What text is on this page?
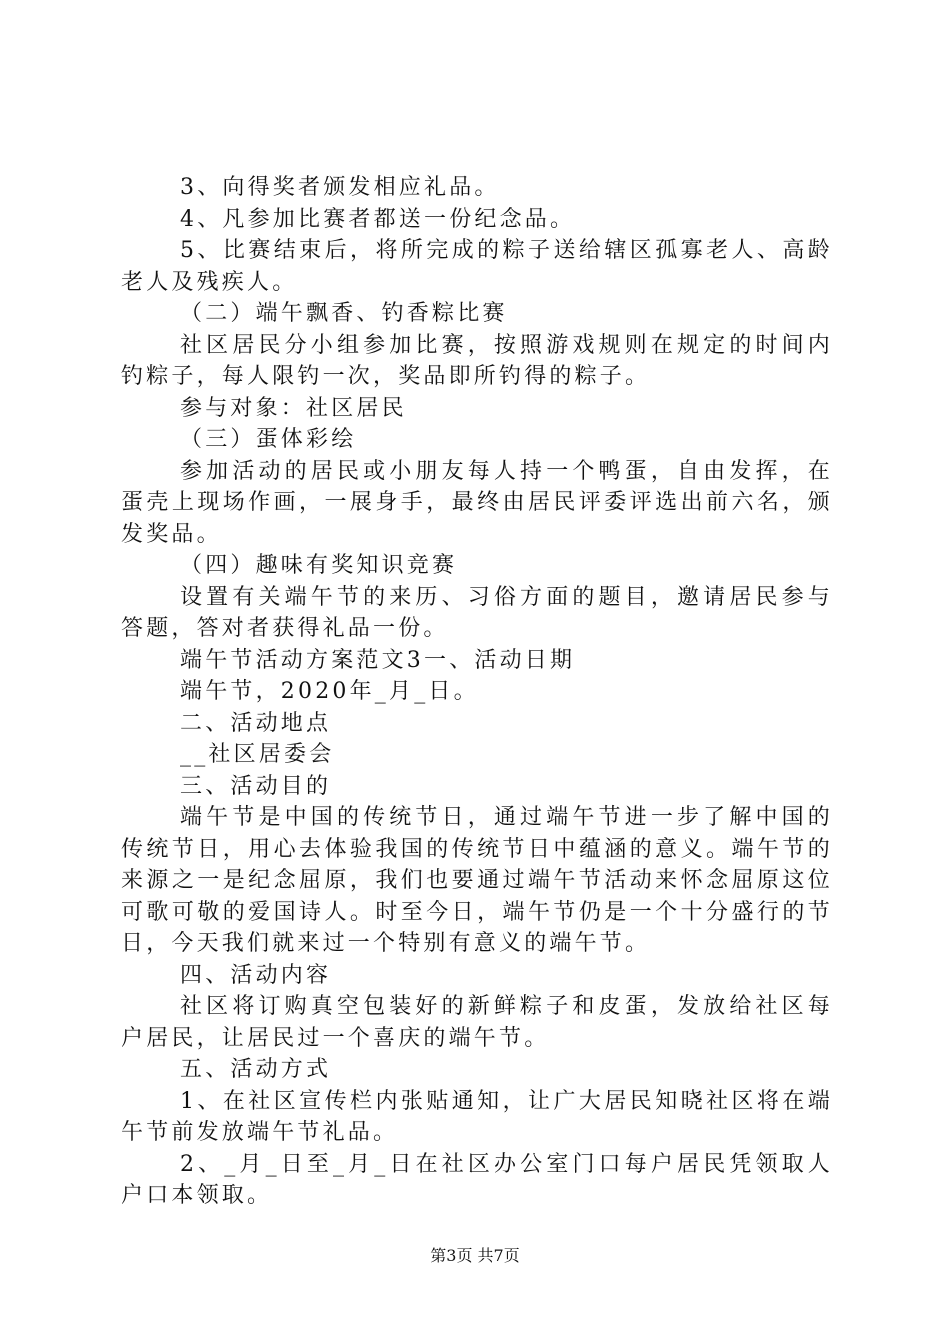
3、向得奖者颁发相应礼品。

4、凡参加比赛者都送一份纪念品。

5、比赛结束后，将所完成的粽子送给辖区孤寡老人、高龄老人及残疾人。

（二）端午飘香、钓香粽比赛

社区居民分小组参加比赛，按照游戏规则在规定的时间内钓粽子，每人限钓一次，奖品即所钓得的粽子。

参与对象：社区居民

（三）蛋体彩绘

参加活动的居民或小朋友每人持一个鸭蛋，自由发挥，在蛋壳上现场作画，一展身手，最终由居民评委评选出前六名，颁发奖品。

（四）趣味有奖知识竞赛

设置有关端午节的来历、习俗方面的题目，邀请居民参与答题，答对者获得礼品一份。

端午节活动方案范文3一、活动日期

端午节，2020年_月_日。

二、活动地点

__社区居委会

三、活动目的

端午节是中国的传统节日，通过端午节进一步了解中国的传统节日，用心去体验我国的传统节日中蕴涵的意义。端午节的来源之一是纪念屈原，我们也要通过端午节活动来怀念屈原这位可歌可敬的爱国诗人。时至今日，端午节仍是一个十分盛行的节日，今天我们就来过一个特别有意义的端午节。

四、活动内容

社区将订购真空包装好的新鲜粽子和皮蛋，发放给社区每户居民，让居民过一个喜庆的端午节。

五、活动方式

1、在社区宣传栏内张贴通知，让广大居民知晓社区将在端午节前发放端午节礼品。

2、_月_日至_月_日在社区办公室门口每户居民凭领取人户口本领取。

第3页 共7页
